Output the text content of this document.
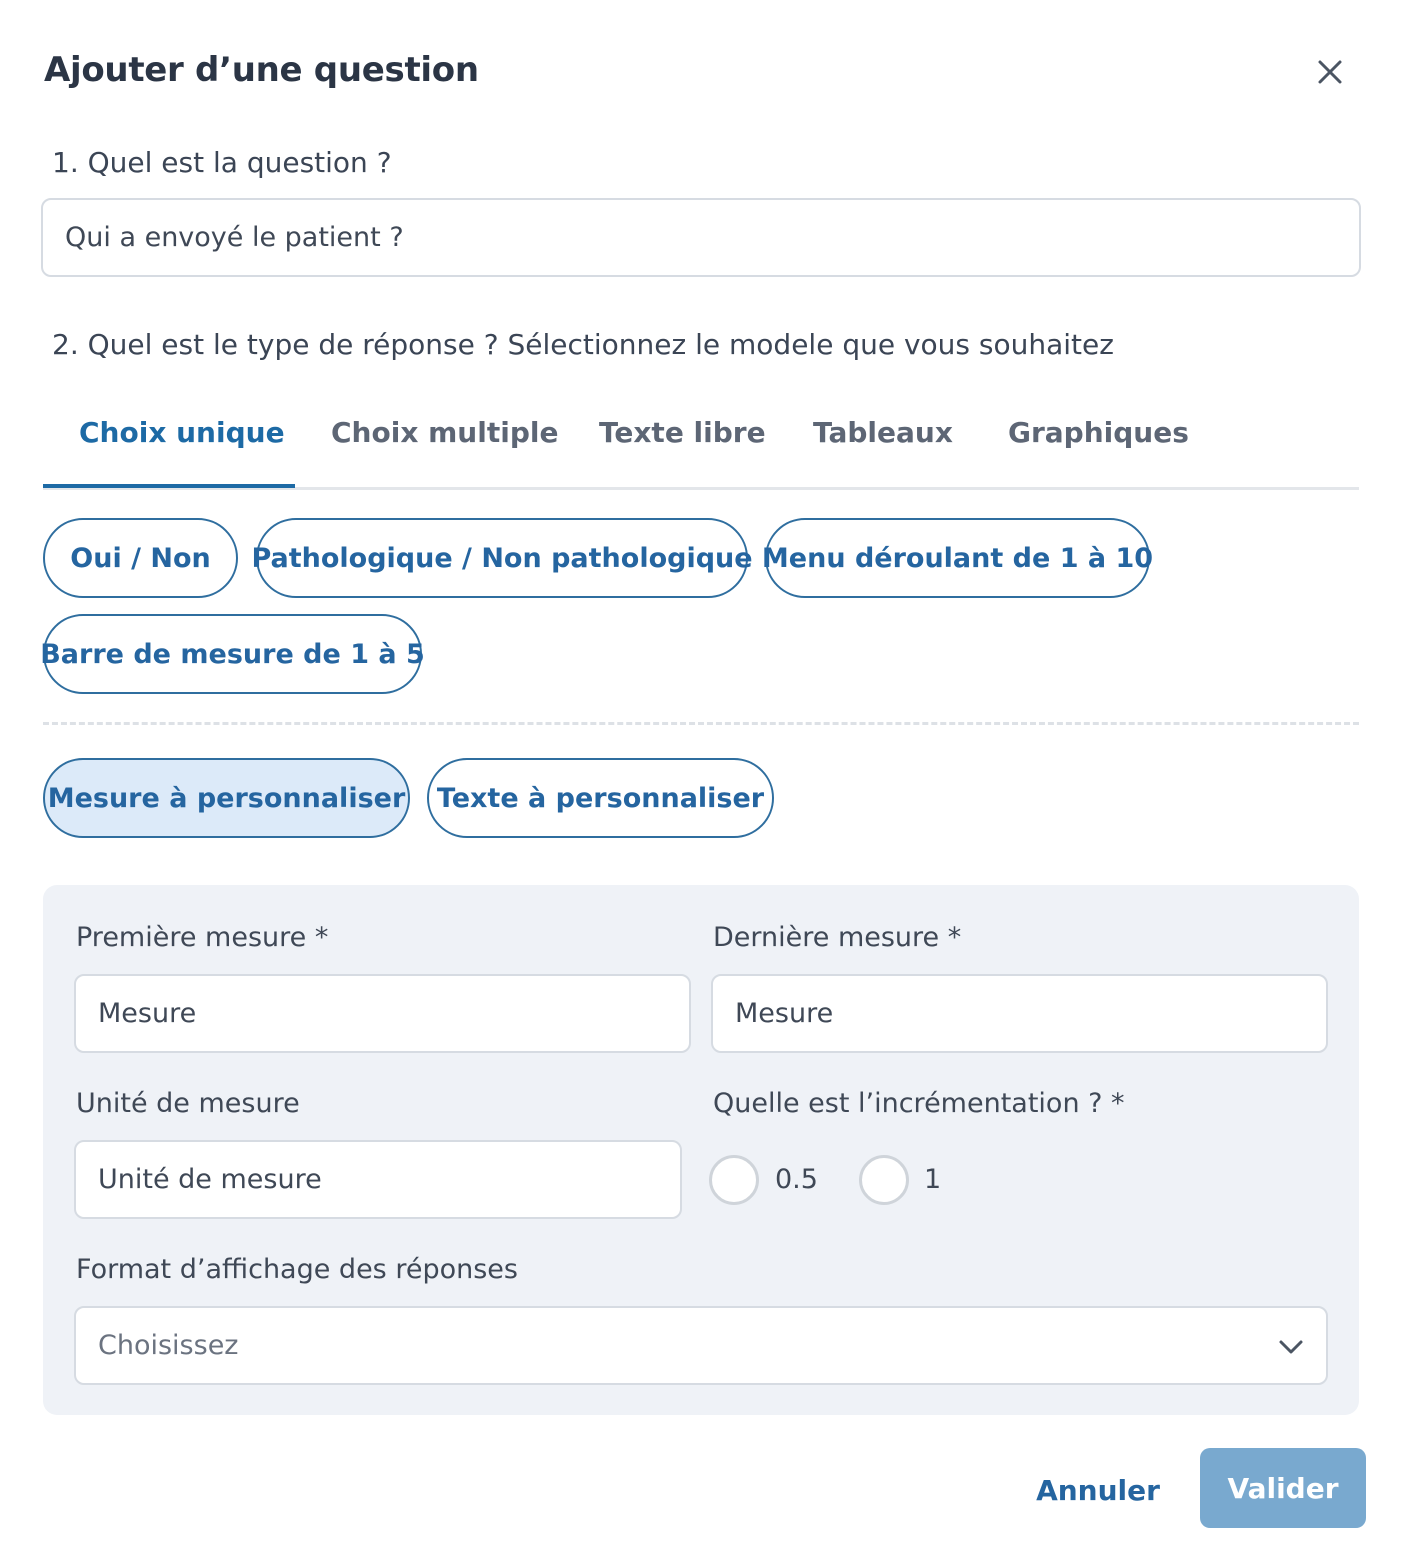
Ajouter d’une question
1. Quel est la question ?
Qui a envoyé le patient ?
2. Quel est le type de réponse ? Sélectionnez le modele que vous souhaitez
Choix unique Choix multiple Texte libre Tableaux Graphiques
Oui / Non	Pathologique / Non pathologique Menu déroulant de 1 à 10
Barre de mesure de 1 à 5
Mesure à personnaliser	Texte à personnaliser
Première mesure *
Mesure
Dernière mesure *
Mesure
Unité de mesure
Unité de mesure
Quelle est l’incrémentation ? *
0.5	1
Format d’affichage des réponses
Choisissez
Annuler	Valider
